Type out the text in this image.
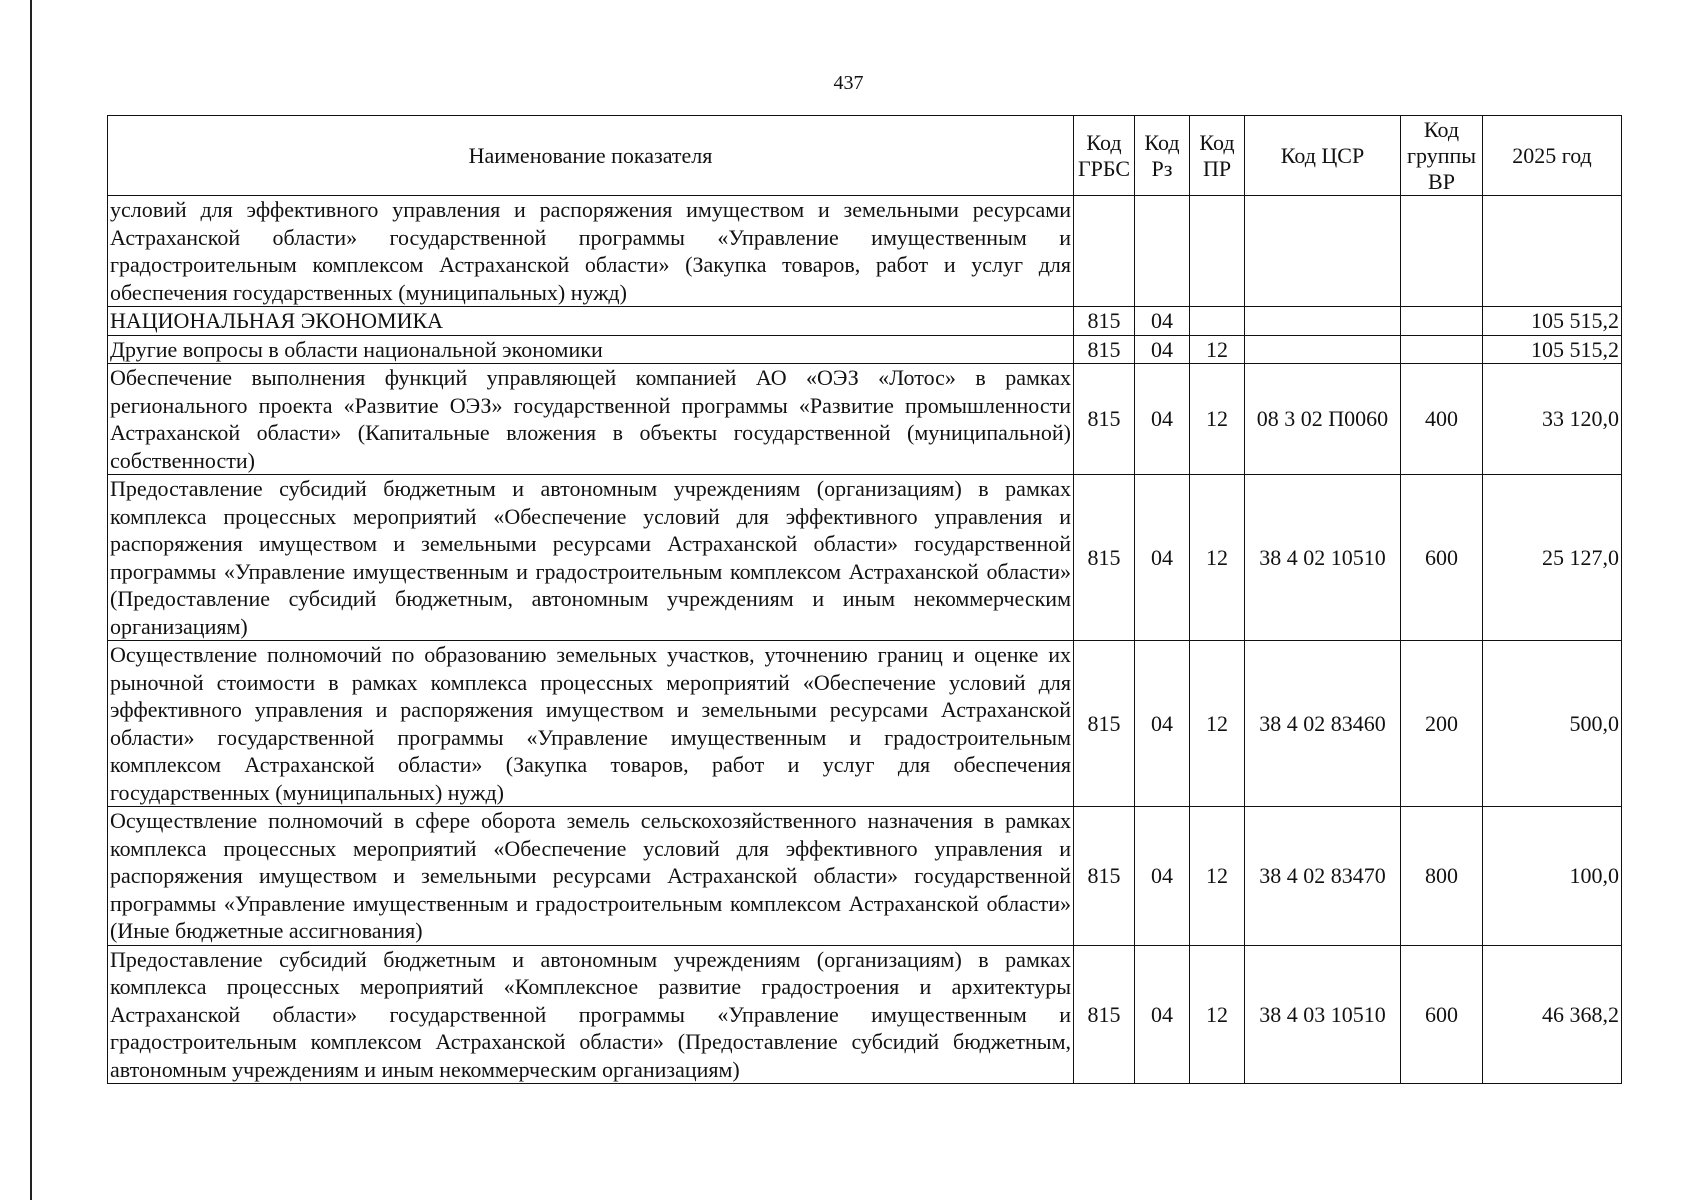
437
Наименование показателя	Код ГРБС	Код Рз	Код ПР	Код ЦСР	Код группы ВР	2025 год
условий для эффективного управления и распоряжения имуществом и земельными ресурсами Астраханской области» государственной программы «Управление имущественным и градостроительным комплексом Астраханской области» (Закупка товаров, работ и услуг для обеспечения государственных (муниципальных) нужд)						
НАЦИОНАЛЬНАЯ ЭКОНОМИКА	815	04				105 515,2
Другие вопросы в области национальной экономики	815	04	12			105 515,2
Обеспечение выполнения функций управляющей компанией АО «ОЭЗ «Лотос» в рамках регионального проекта «Развитие ОЭЗ» государственной программы «Развитие промышленности Астраханской области» (Капитальные вложения в объекты государственной (муниципальной) собственности)	815	04	12	08 3 02 П0060	400	33 120,0
Предоставление субсидий бюджетным и автономным учреждениям (организациям) в рамках комплекса процессных мероприятий «Обеспечение условий для эффективного управления и распоряжения имуществом и земельными ресурсами Астраханской области» государственной программы «Управление имущественным и градостроительным комплексом Астраханской области» (Предоставление субсидий бюджетным, автономным учреждениям и иным некоммерческим организациям)	815	04	12	38 4 02 10510	600	25 127,0
Осуществление полномочий по образованию земельных участков, уточнению границ и оценке их рыночной стоимости в рамках комплекса процессных мероприятий «Обеспечение условий для эффективного управления и распоряжения имуществом и земельными ресурсами Астраханской области» государственной программы «Управление имущественным и градостроительным комплексом Астраханской области» (Закупка товаров, работ и услуг для обеспечения государственных (муниципальных) нужд)	815	04	12	38 4 02 83460	200	500,0
Осуществление полномочий в сфере оборота земель сельскохозяйственного назначения в рамках комплекса процессных мероприятий «Обеспечение условий для эффективного управления и распоряжения имуществом и земельными ресурсами Астраханской области» государственной программы «Управление имущественным и градостроительным комплексом Астраханской области» (Иные бюджетные ассигнования)	815	04	12	38 4 02 83470	800	100,0
Предоставление субсидий бюджетным и автономным учреждениям (организациям) в рамках комплекса процессных мероприятий «Комплексное развитие градостроения и архитектуры Астраханской области» государственной программы «Управление имущественным и градостроительным комплексом Астраханской области» (Предоставление субсидий бюджетным, автономным учреждениям и иным некоммерческим организациям)	815	04	12	38 4 03 10510	600	46 368,2
